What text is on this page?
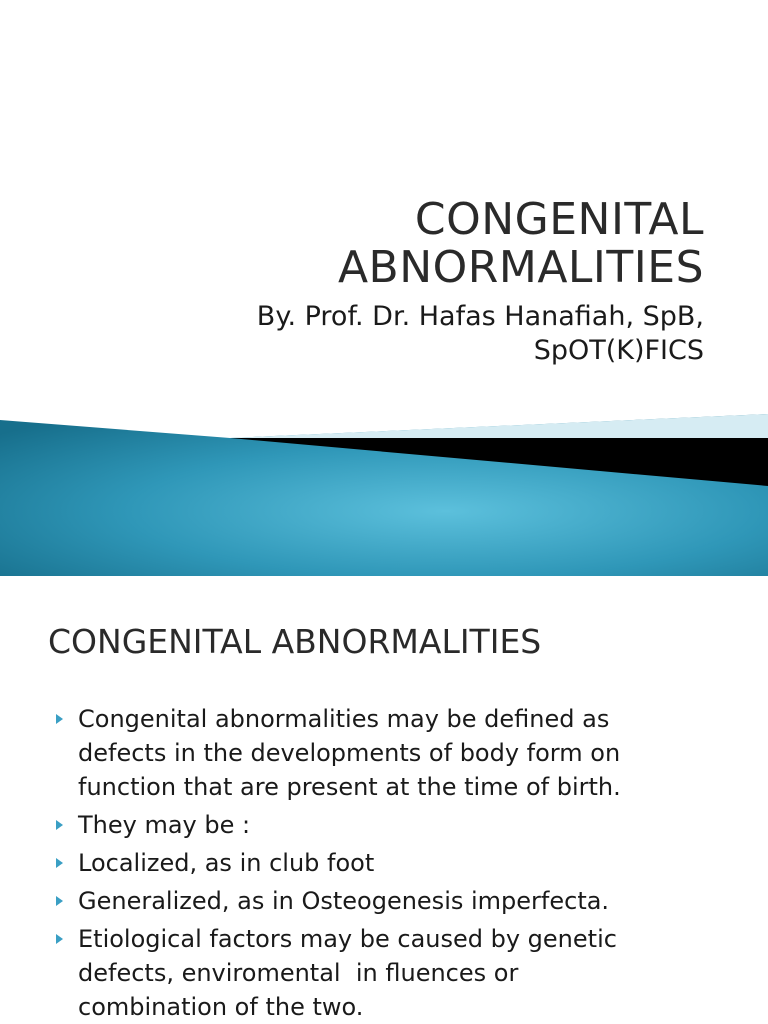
CONGENITAL
ABNORMALITIES

By. Prof. Dr. Hafas Hanafiah, SpB,
SpOT(K)FICS

CONGENITAL ABNORMALITIES
Congenital abnormalities may be defined as
defects in the developments of body form on
function that are present at the time of birth.
They may be :
Localized, as in club foot
Generalized, as in Osteogenesis imperfecta.
Etiological factors may be caused by genetic
defects, enviromental  in fluences or
combination of the two.
